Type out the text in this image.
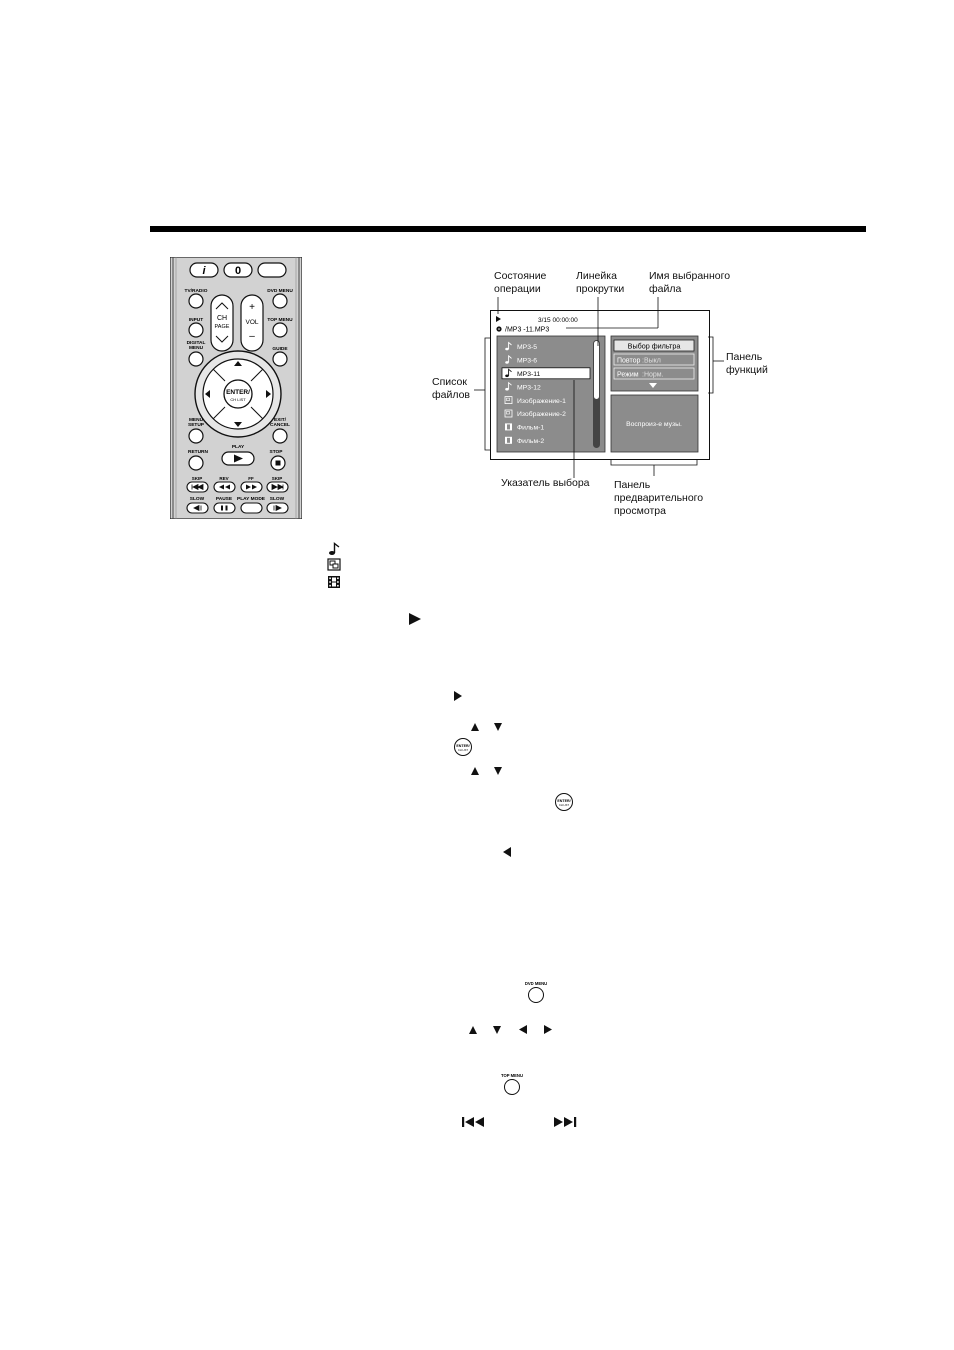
i	0
TV/RADIO	DVD MENU
CH
PAGE
+
VOL
–
INPUT	TOP MENU
DIGITAL MENU	GUIDE
ENTER/
CH LIST
MENU SETUP
EXIT/ CANCEL
RETURN
PLAY
STOP
SKIP	REV	FF	SKIP
SLOW PAUSE PLAY MODE SLOW
3/15 00:00:00
/MP3 -11.MP3
MP3-5
MP3-6
MP3-11
MP3-12
Изображение-1
Изображение-2
Фильм-1
Фильм-2
Выбор фильтра
Повтор :Выкл
Режим :Норм.
Воспроиз-е музы.
Состояние
операции
Линейка
прокрутки
Имя выбранного
файла
Список
файлов
Панель
функций
Указатель выбора Панель
предварительного
просмотра
ENTER/
CH LIST
ENTER/
CH LIST
DVD MENU
TOP MENU
